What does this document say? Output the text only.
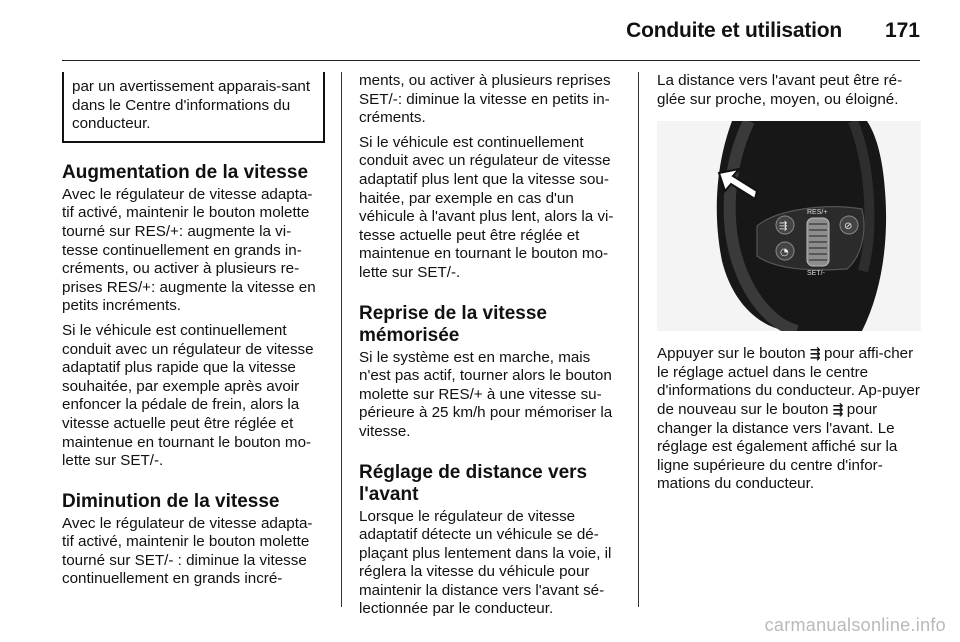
Conduite et utilisation 171
par un avertissement apparais-sant dans le Centre d'informations du conducteur.
Augmentation de la vitesse

Avec le régulateur de vitesse adapta-tif activé, maintenir le bouton molette tourné sur RES/+: augmente la vi-tesse continuellement en grands in-créments, ou activer à plusieurs re-prises RES/+: augmente la vitesse en petits incréments.

Si le véhicule est continuellement conduit avec un régulateur de vitesse adaptatif plus rapide que la vitesse souhaitée, par exemple après avoir enfoncer la pédale de frein, alors la vitesse actuelle peut être réglée et maintenue en tournant le bouton mo-lette sur SET/-.

Diminution de la vitesse

Avec le régulateur de vitesse adapta-tif activé, maintenir le bouton molette tourné sur SET/- : diminue la vitesse continuellement en grands incré-

ments, ou activer à plusieurs reprises SET/-: diminue la vitesse en petits in-créments.

Si le véhicule est continuellement conduit avec un régulateur de vitesse adaptatif plus lent que la vitesse sou-haitée, par exemple en cas d'un véhicule à l'avant plus lent, alors la vi-tesse actuelle peut être réglée et maintenue en tournant le bouton mo-lette sur SET/-.

Reprise de la vitesse mémorisée

Si le système est en marche, mais n'est pas actif, tourner alors le bouton molette sur RES/+ à une vitesse su-périeure à 25 km/h pour mémoriser la vitesse.

Réglage de distance vers l'avant

Lorsque le régulateur de vitesse adaptatif détecte un véhicule se dé-plaçant plus lentement dans la voie, il réglera la vitesse du véhicule pour maintenir la distance vers l'avant sé-lectionnée par le conducteur.

La distance vers l'avant peut être ré-glée sur proche, moyen, ou éloigné.

RES/+
SET/-
⇶
◔
⊘

Appuyer sur le bouton ⇶ pour affi-cher le réglage actuel dans le centre d'informations du conducteur. Ap-puyer de nouveau sur le bouton ⇶ pour changer la distance vers l'avant. Le réglage est également affiché sur la ligne supérieure du centre d'infor-mations du conducteur.

carmanualsonline.info
